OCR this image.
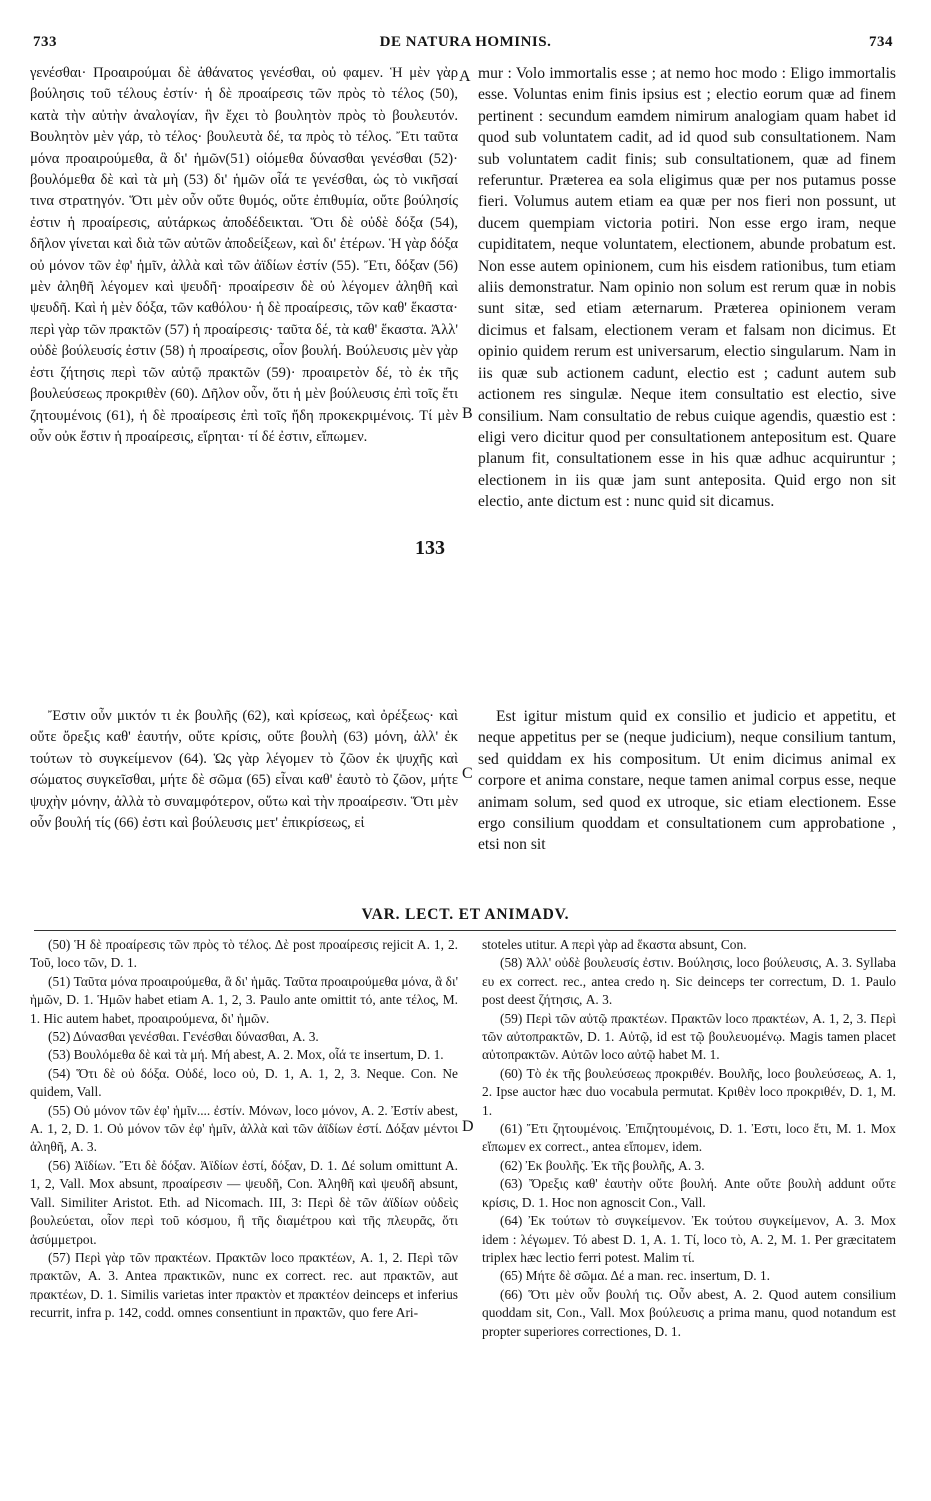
733	DE NATURA HOMINIS.	734

γενέσθαι· Προαιρούμαι δὲ ἀθάνατος γενέσθαι, οὐ φαμεν. Ἡ μὲν γὰρ βούλησις τοῦ τέλους ἐστίν· ἡ δὲ προαίρεσις τῶν πρὸς τὸ τέλος (50), κατὰ τὴν αὐτὴν ἀναλογίαν, ἣν ἔχει τὸ βουλητὸν πρὸς τὸ βουλευτόν. Βουλητὸν μὲν γάρ, τὸ τέλος· βουλευτὰ δέ, τα πρὸς τὸ τέλος. Ἔτι ταῦτα μόνα προαιρούμεθα, ἃ δι' ἡμῶν(51) οἰόμεθα δύνασθαι γενέσθαι (52)· βουλόμεθα δὲ καὶ τὰ μὴ (53) δι' ἡμῶν οἷά τε γενέσθαι, ὡς τὸ νικῆσαί τινα στρατηγόν. Ὅτι μὲν οὖν οὔτε θυμός, οὔτε ἐπιθυμία, οὔτε βούλησίς ἐστιν ἡ προαίρεσις, αὐτάρκως ἀποδέδεικται. Ὅτι δὲ οὐδὲ δόξα (54), δῆλον γίνεται καὶ διὰ τῶν αὐτῶν ἀποδείξεων, καὶ δι' ἑτέρων. Ἡ γὰρ δόξα οὐ μόνον τῶν ἐφ' ἡμῖν, ἀλλὰ καὶ τῶν ἀϊδίων ἐστίν (55). Ἔτι, δόξαν (56) μὲν ἀληθῆ λέγομεν καὶ ψευδῆ· προαίρεσιν δὲ οὐ λέγομεν ἀληθῆ καὶ ψευδῆ. Καὶ ἡ μὲν δόξα, τῶν καθόλου· ἡ δὲ προαίρεσις, τῶν καθ' ἕκαστα· περὶ γὰρ τῶν πρακτῶν (57) ἡ προαίρεσις· ταῦτα δέ, τὰ καθ' ἕκαστα. Ἀλλ' οὐδὲ βούλευσίς ἐστιν (58) ἡ προαίρεσις, οἷον βουλή. Βούλευσις μὲν γὰρ ἐστι ζήτησις περὶ τῶν αὐτῷ πρακτῶν (59)· προαιρετὸν δέ, τὸ ἐκ τῆς βουλεύσεως προκριθὲν (60). Δῆλον οὖν, ὅτι ἡ μὲν βούλευσις ἐπὶ τοῖς ἔτι ζητουμένοις (61), ἡ δὲ προαίρεσις ἐπὶ τοῖς ἤδη προκεκριμένοις. Τί μὲν οὖν οὐκ ἔστιν ἡ προαίρεσις, εἴρηται· τί δέ ἐστιν, εἴπωμεν.

Ἔστιν οὖν μικτόν τι ἐκ βουλῆς (62), καὶ κρίσεως, καὶ ὀρέξεως· καὶ οὔτε ὄρεξις καθ' ἑαυτήν, οὔτε κρίσις, οὔτε βουλὴ (63) μόνη, ἀλλ' ἐκ τούτων τὸ συγκείμενον (64). Ὡς γὰρ λέγομεν τὸ ζῶον ἐκ ψυχῆς καὶ σώματος συγκεῖσθαι, μήτε δὲ σῶμα (65) εἶναι καθ' ἑαυτὸ τὸ ζῶον, μήτε ψυχὴν μόνην, ἀλλὰ τὸ συναμφότερον, οὕτω καὶ τὴν προαίρεσιν. Ὅτι μὲν οὖν βουλή τίς (66) ἐστι καὶ βούλευσις μετ' ἐπικρίσεως, εἰ

mur : Volo immortalis esse ; at nemo hoc modo : Eligo immortalis esse. Voluntas enim finis ipsius est ; electio eorum quæ ad finem pertinent : secundum eamdem nimirum analogiam quam habet id quod sub voluntatem cadit, ad id quod sub consultationem. Nam sub voluntatem cadit finis; sub consultationem, quæ ad finem referuntur. Præterea ea sola eligimus quæ per nos putamus posse fieri. Volumus autem etiam ea quæ per nos fieri non possunt, ut ducem quempiam victoria potiri. Non esse ergo iram, neque cupiditatem, neque voluntatem, electionem, abunde probatum est. Non esse autem opinionem, cum his eisdem rationibus, tum etiam aliis demonstratur. Nam opinio non solum est rerum quæ in nobis sunt sitæ, sed etiam æternarum. Præterea opinionem veram dicimus et falsam, electionem veram et falsam non dicimus. Et opinio quidem rerum est universarum, electio singularum. Nam in iis quæ sub actionem cadunt, electio est ; cadunt autem sub actionem res singulæ. Neque item consultatio est electio, sive consilium. Nam consultatio de rebus cuique agendis, quæstio est : eligi vero dicitur quod per consultationem antepositum est. Quare planum fit, consultationem esse in his quæ adhuc acquiruntur ; electionem in iis quæ jam sunt anteposita. Quid ergo non sit electio, ante dictum est : nunc quid sit dicamus.

Est igitur mistum quid ex consilio et judicio et appetitu, et neque appetitus per se (neque judicium), neque consilium tantum, sed quiddam ex his compositum. Ut enim dicimus animal ex corpore et anima constare, neque tamen animal corpus esse, neque animam solum, sed quod ex utroque, sic etiam electionem. Esse ergo consilium quoddam et consultationem cum approbatione , etsi non sit

A
B
C
D
133
VAR. LECT. ET ANIMADV.

(50) Ἡ δὲ προαίρεσις τῶν πρὸς τὸ τέλος. Δὲ post προαίρεσις rejicit A. 1, 2. Τοῦ, loco τῶν, D. 1.

(51) Ταῦτα μόνα προαιρούμεθα, ἃ δι' ἡμᾶς. Ταῦτα προαιρούμεθα μόνα, ἃ δι' ἡμῶν, D. 1. Ἡμῶν habet etiam A. 1, 2, 3. Paulo ante omittit τό, ante τέλος, M. 1. Hic autem habet, προαιρούμενα, δι' ἡμῶν.

(52) Δύνασθαι γενέσθαι. Γενέσθαι δύνασθαι, A. 3.

(53) Βουλόμεθα δὲ καὶ τὰ μή. Μή abest, A. 2. Mox, οἷά τε insertum, D. 1.

(54) Ὅτι δὲ οὐ δόξα. Οὐδέ, loco οὐ, D. 1, A. 1, 2, 3. Neque. Con. Ne quidem, Vall.

(55) Οὐ μόνον τῶν ἐφ' ἡμῖν.... ἐστίν. Μόνων, loco μόνον, A. 2. Ἐστίν abest, A. 1, 2, D. 1. Οὐ μόνον τῶν ἐφ' ἡμῖν, ἀλλὰ καὶ τῶν ἀϊδίων ἐστί. Δόξαν μέντοι ἀληθῆ, A. 3.

(56) Ἀϊδίων. Ἔτι δὲ δόξαν. Ἀϊδίων ἐστί, δόξαν, D. 1. Δέ solum omittunt A. 1, 2, Vall. Mox absunt, προαίρεσιν — ψευδῆ, Con. Ἀληθῆ καὶ ψευδῆ absunt, Vall. Similiter Aristot. Eth. ad Nicomach. III, 3: Περὶ δὲ τῶν ἀϊδίων οὐδεὶς βουλεύεται, οἷον περὶ τοῦ κόσμου, ἢ τῆς διαμέτρου καὶ τῆς πλευρᾶς, ὅτι ἀσύμμετροι.

(57) Περὶ γὰρ τῶν πρακτέων. Πρακτῶν loco πρακτέων, A. 1, 2. Περὶ τῶν πρακτῶν, A. 3. Antea πρακτικῶν, nunc ex correct. rec. aut πρακτῶν, aut πρακτέων, D. 1. Similis varietas inter πρακτὸν et πρακτέον deinceps et inferius recurrit, infra p. 142, codd. omnes consentiunt in πρακτῶν, quo fere Ari-

stoteles utitur. A περὶ γὰρ ad ἕκαστα absunt, Con.

(58) Ἀλλ' οὐδὲ βουλευσίς ἐστιν. Βούλησις, loco βούλευσις, A. 3. Syllaba ευ ex correct. rec., antea credo η. Sic deinceps ter correctum, D. 1. Paulo post deest ζήτησις, A. 3.

(59) Περὶ τῶν αὐτῷ πρακτέων. Πρακτῶν loco πρακτέων, A. 1, 2, 3. Περὶ τῶν αὐτοπρακτῶν, D. 1. Αὐτῷ, id est τῷ βουλευομένῳ. Magis tamen placet αὐτοπρακτῶν. Αὐτῶν loco αὐτῷ habet M. 1.

(60) Τὸ ἐκ τῆς βουλεύσεως προκριθέν. Βουλῆς, loco βουλεύσεως, A. 1, 2. Ipse auctor hæc duo vocabula permutat. Κριθὲν loco προκριθέν, D. 1, M. 1.

(61) Ἔτι ζητουμένοις. Ἐπιζητουμένοις, D. 1. Ἐστι, loco ἔτι, M. 1. Mox εἴπωμεν ex correct., antea εἴπομεν, idem.

(62) Ἐκ βουλῆς. Ἐκ τῆς βουλῆς, A. 3.

(63) Ὄρεξις καθ' ἑαυτὴν οὔτε βουλή. Ante οὔτε βουλὴ addunt οὔτε κρίσις, D. 1. Hoc non agnoscit Con., Vall.

(64) Ἐκ τούτων τὸ συγκείμενον. Ἐκ τούτου συγκείμενον, A. 3. Mox idem : λέγωμεν. Τό abest D. 1, A. 1. Τί, loco τὸ, A. 2, M. 1. Per græcitatem triplex hæc lectio ferri potest. Malim τί.

(65) Μήτε δὲ σῶμα. Δέ a man. rec. insertum, D. 1.

(66) Ὅτι μὲν οὖν βουλή τις. Οὖν abest, A. 2. Quod autem consilium quoddam sit, Con., Vall. Mox βούλευσις a prima manu, quod notandum est propter superiores correctiones, D. 1.
